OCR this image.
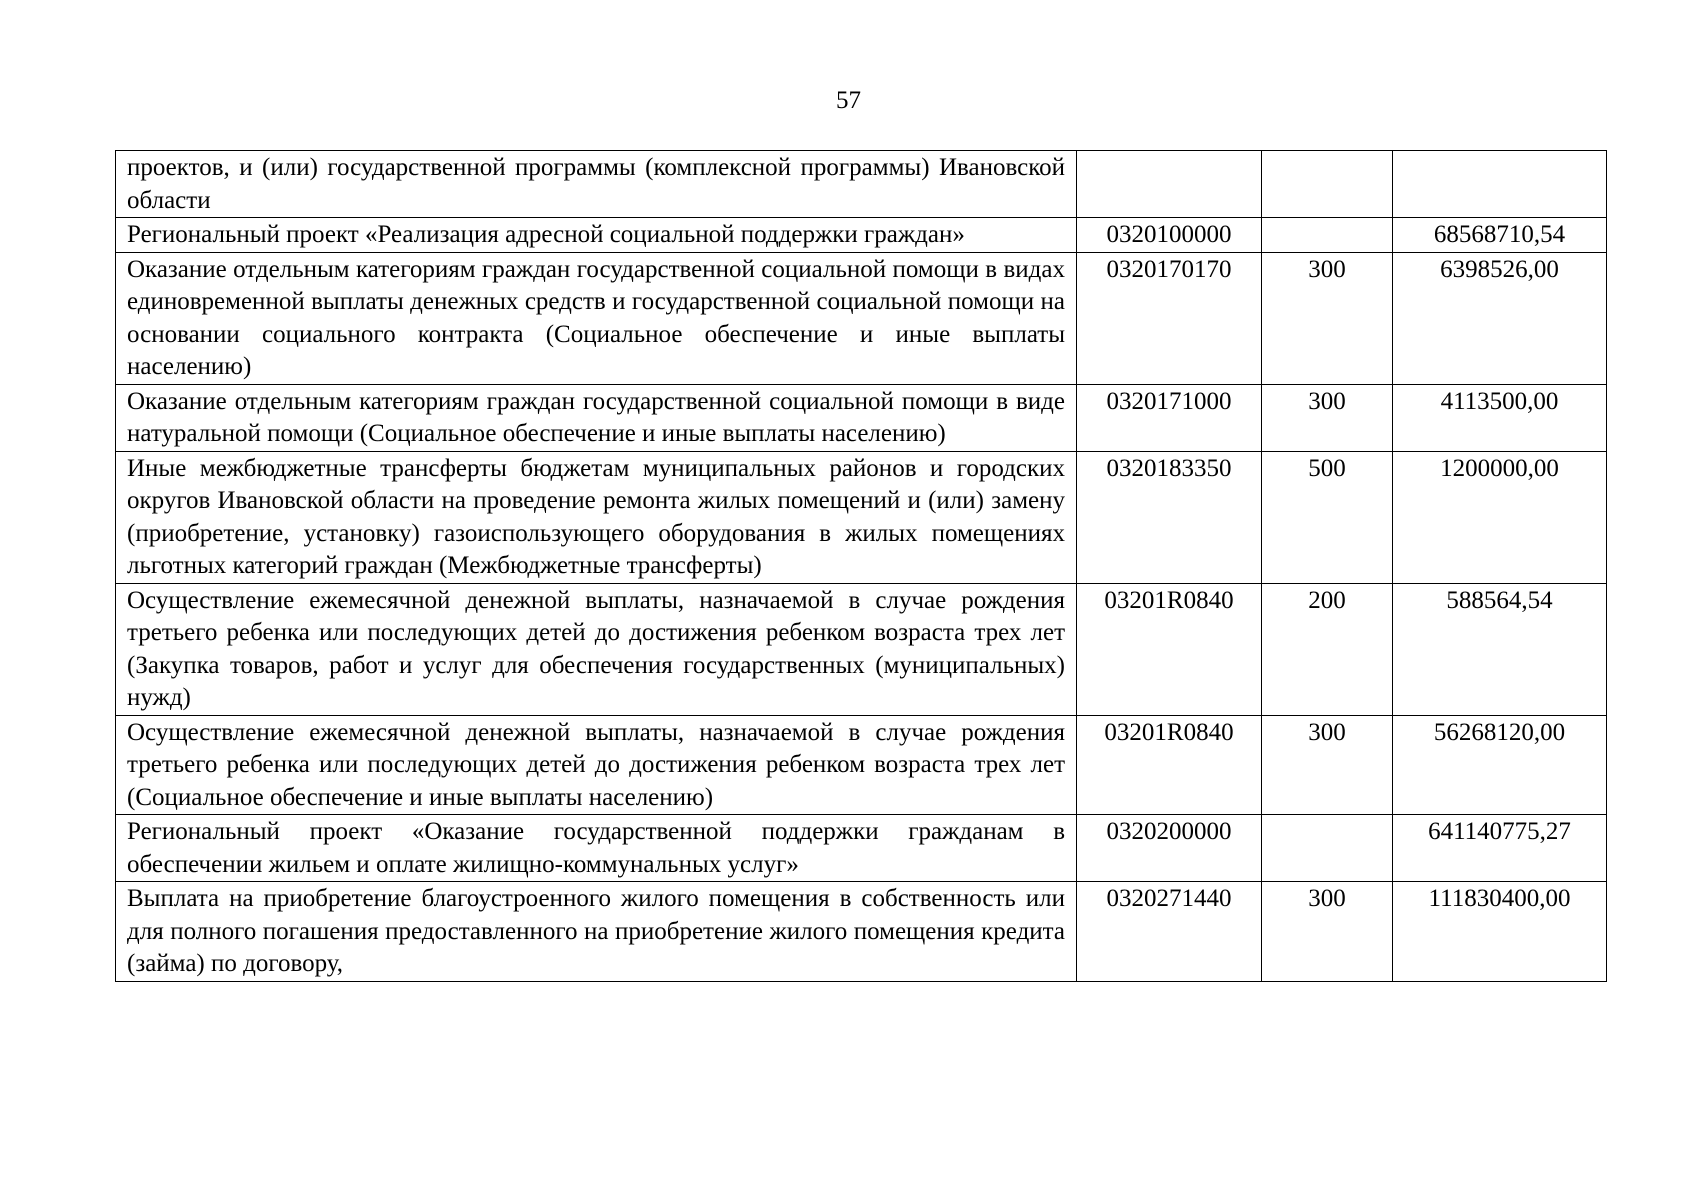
57
проектов, и (или) государственной программы (комплексной программы) Ивановской области			
Региональный проект «Реализация адресной социальной поддержки граждан»	0320100000		68568710,54
Оказание отдельным категориям граждан государственной социальной помощи в видах единовременной выплаты денежных средств и государственной социальной помощи на основании социального контракта (Социальное обеспечение и иные выплаты населению)	0320170170	300	6398526,00
Оказание отдельным категориям граждан государственной социальной помощи в виде натуральной помощи (Социальное обеспечение и иные выплаты населению)	0320171000	300	4113500,00
Иные межбюджетные трансферты бюджетам муниципальных районов и городских округов Ивановской области на проведение ремонта жилых помещений и (или) замену (приобретение, установку) газоиспользующего оборудования в жилых помещениях льготных категорий граждан (Межбюджетные трансферты)	0320183350	500	1200000,00
Осуществление ежемесячной денежной выплаты, назначаемой в случае рождения третьего ребенка или последующих детей до достижения ребенком возраста трех лет (Закупка товаров, работ и услуг для обеспечения государственных (муниципальных) нужд)	03201R0840	200	588564,54
Осуществление ежемесячной денежной выплаты, назначаемой в случае рождения третьего ребенка или последующих детей до достижения ребенком возраста трех лет (Социальное обеспечение и иные выплаты населению)	03201R0840	300	56268120,00
Региональный проект «Оказание государственной поддержки гражданам в обеспечении жильем и оплате жилищно-коммунальных услуг»	0320200000		641140775,27
Выплата на приобретение благоустроенного жилого помещения в собственность или для полного погашения предоставленного на приобретение жилого помещения кредита (займа) по договору,	0320271440	300	111830400,00
